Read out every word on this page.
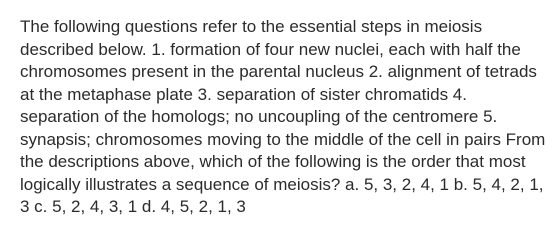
The following questions refer to the essential steps in meiosis described below. 1. formation of four new nuclei, each with half the chromosomes present in the parental nucleus 2. alignment of tetrads at the metaphase plate 3. separation of sister chromatids 4. separation of the homologs; no uncoupling of the centromere 5. synapsis; chromosomes moving to the middle of the cell in pairs From the descriptions above, which of the following is the order that most logically illustrates a sequence of meiosis? a. 5, 3, 2, 4, 1 b. 5, 4, 2, 1, 3 c. 5, 2, 4, 3, 1 d. 4, 5, 2, 1, 3
